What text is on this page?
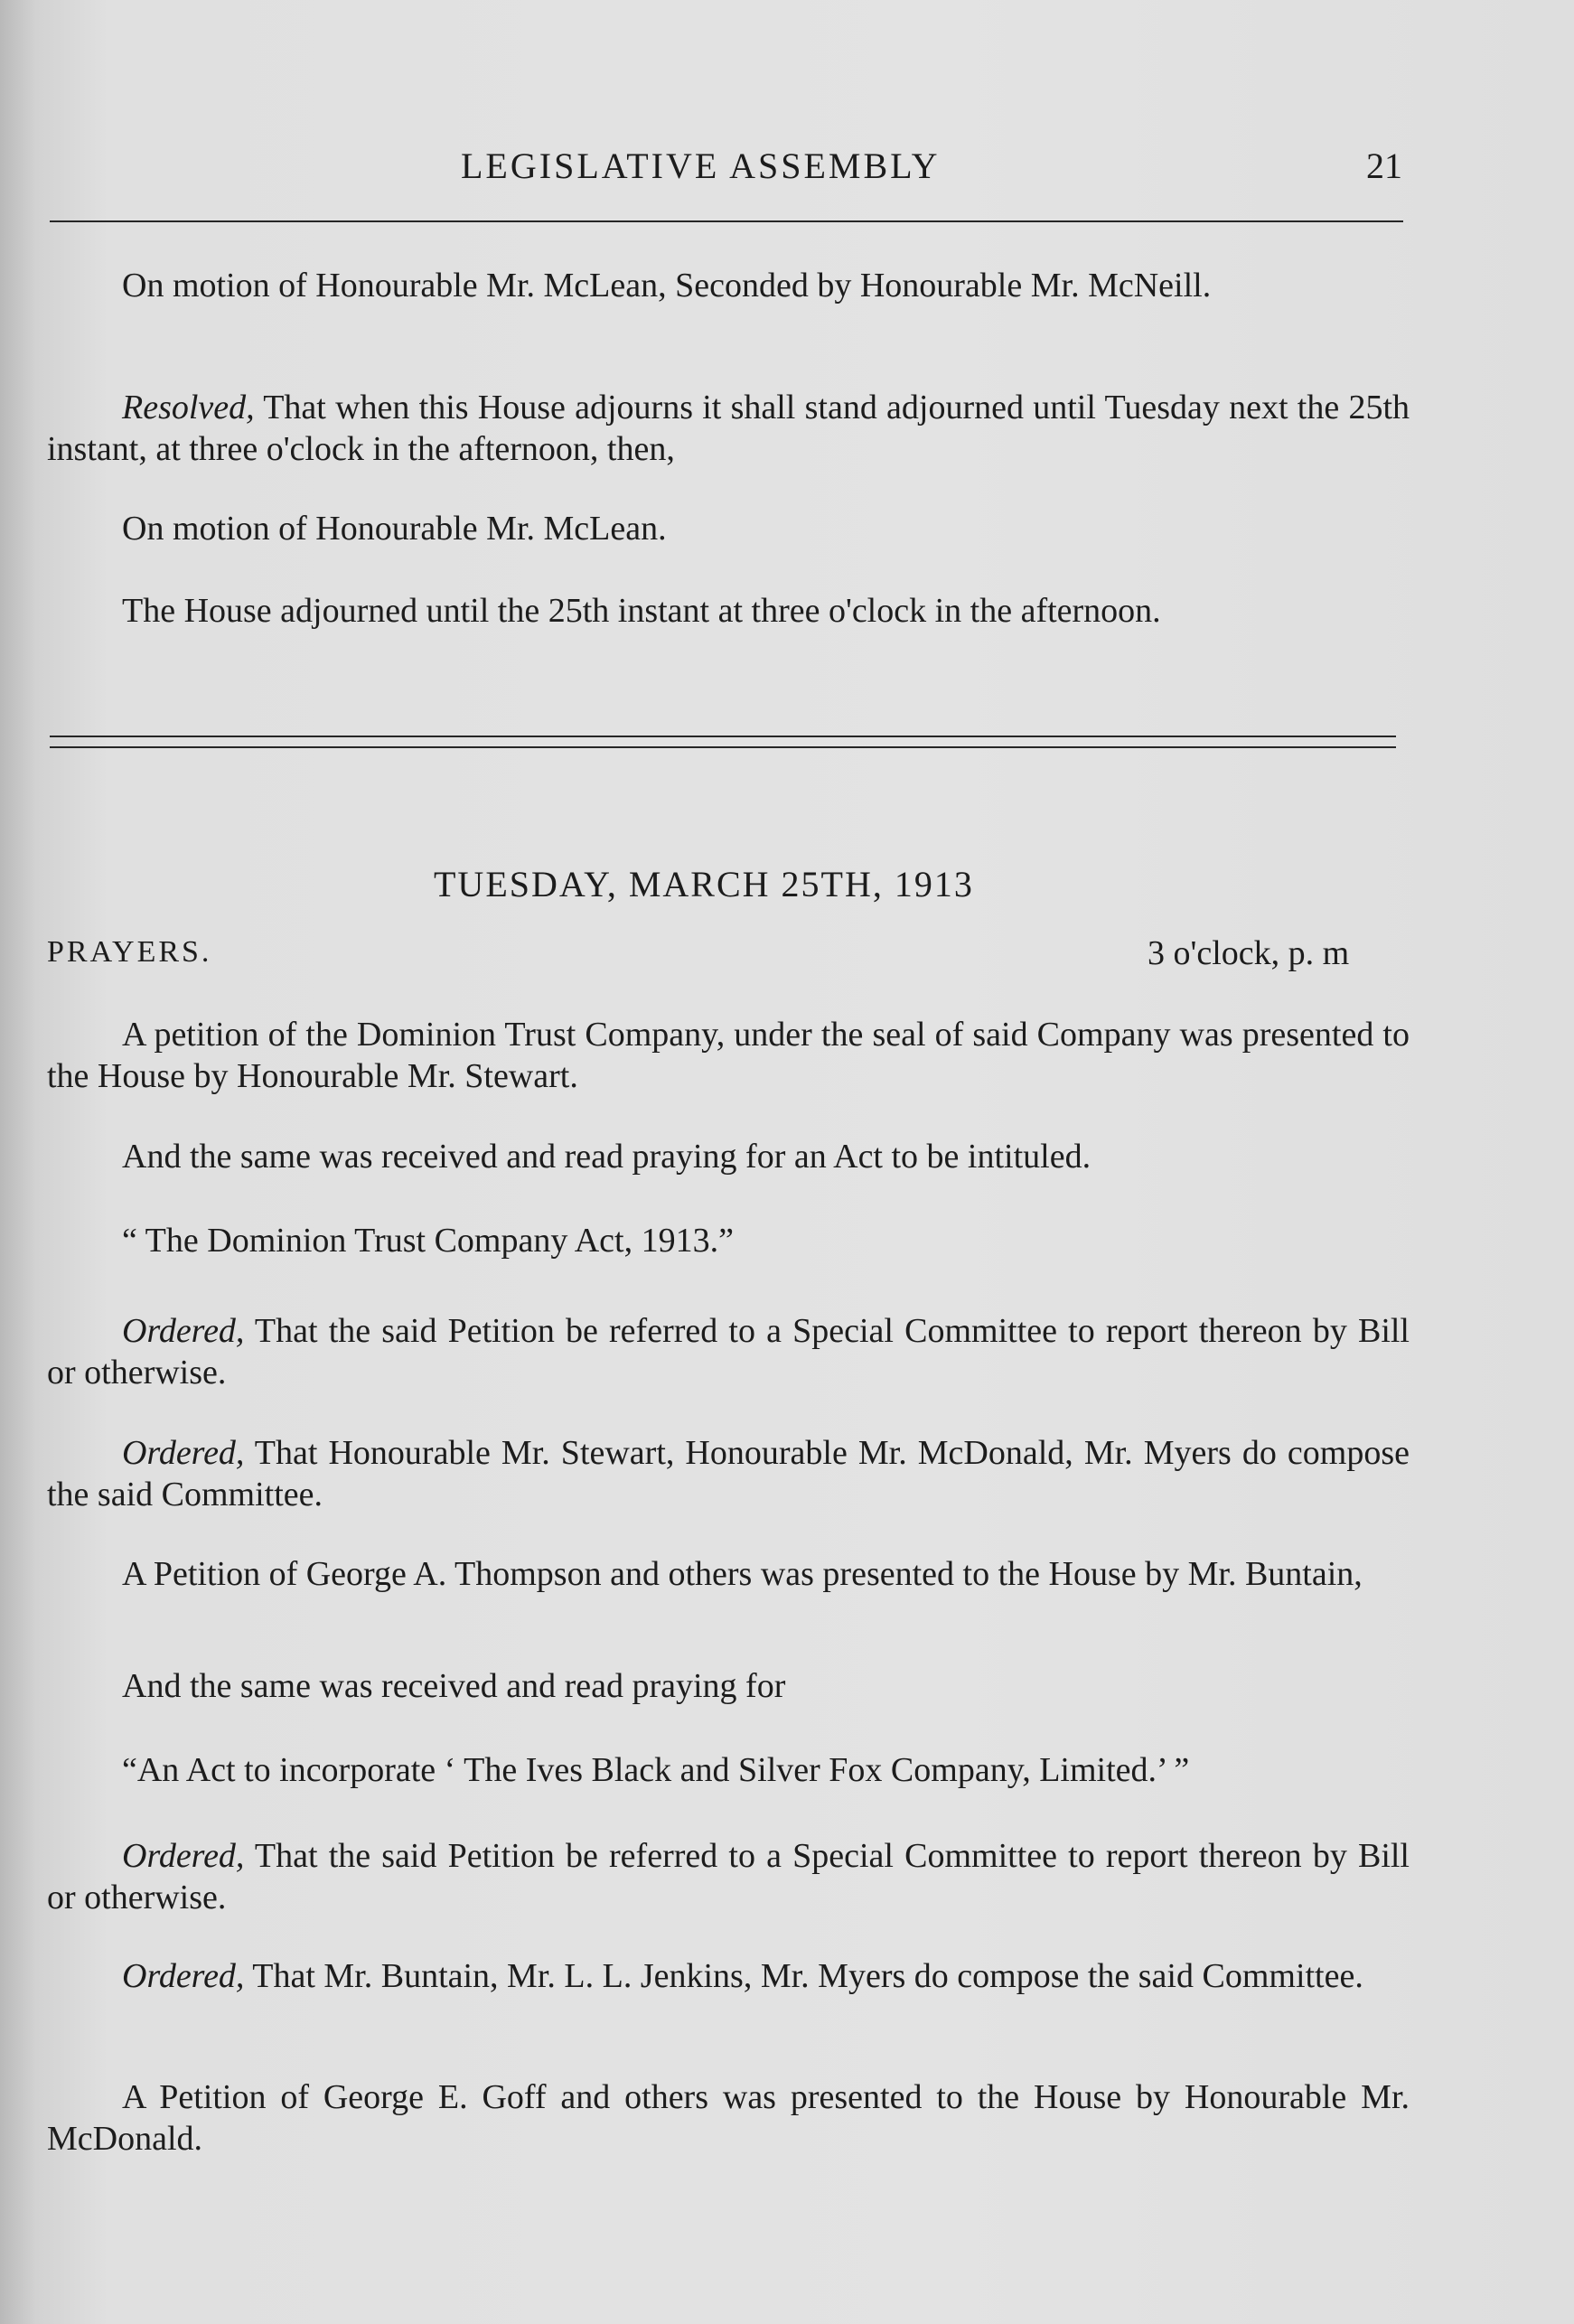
LEGISLATIVE ASSEMBLY	21

On motion of Honourable Mr. McLean, Seconded by Honourable Mr. McNeill.

Resolved, That when this House adjourns it shall stand adjourned until Tuesday next the 25th instant, at three o'clock in the afternoon, then,

On motion of Honourable Mr. McLean.

The House adjourned until the 25th instant at three o'clock in the afternoon.

TUESDAY, MARCH 25TH, 1913
PRAYERS.	3 o'clock, p. m

A petition of the Dominion Trust Company, under the seal of said Company was presented to the House by Honourable Mr. Stewart.

And the same was received and read praying for an Act to be intituled.

“ The Dominion Trust Company Act, 1913.”

Ordered, That the said Petition be referred to a Special Committee to report thereon by Bill or otherwise.

Ordered, That Honourable Mr. Stewart, Honourable Mr. McDonald, Mr. Myers do compose the said Committee.

A Petition of George A. Thompson and others was presented to the House by Mr. Buntain,

And the same was received and read praying for

“An Act to incorporate ‘ The Ives Black and Silver Fox Company, Limited.’ ”

Ordered, That the said Petition be referred to a Special Committee to report thereon by Bill or otherwise.

Ordered, That Mr. Buntain, Mr. L. L. Jenkins, Mr. Myers do compose the said Committee.

A Petition of George E. Goff and others was presented to the House by Honourable Mr. McDonald.
